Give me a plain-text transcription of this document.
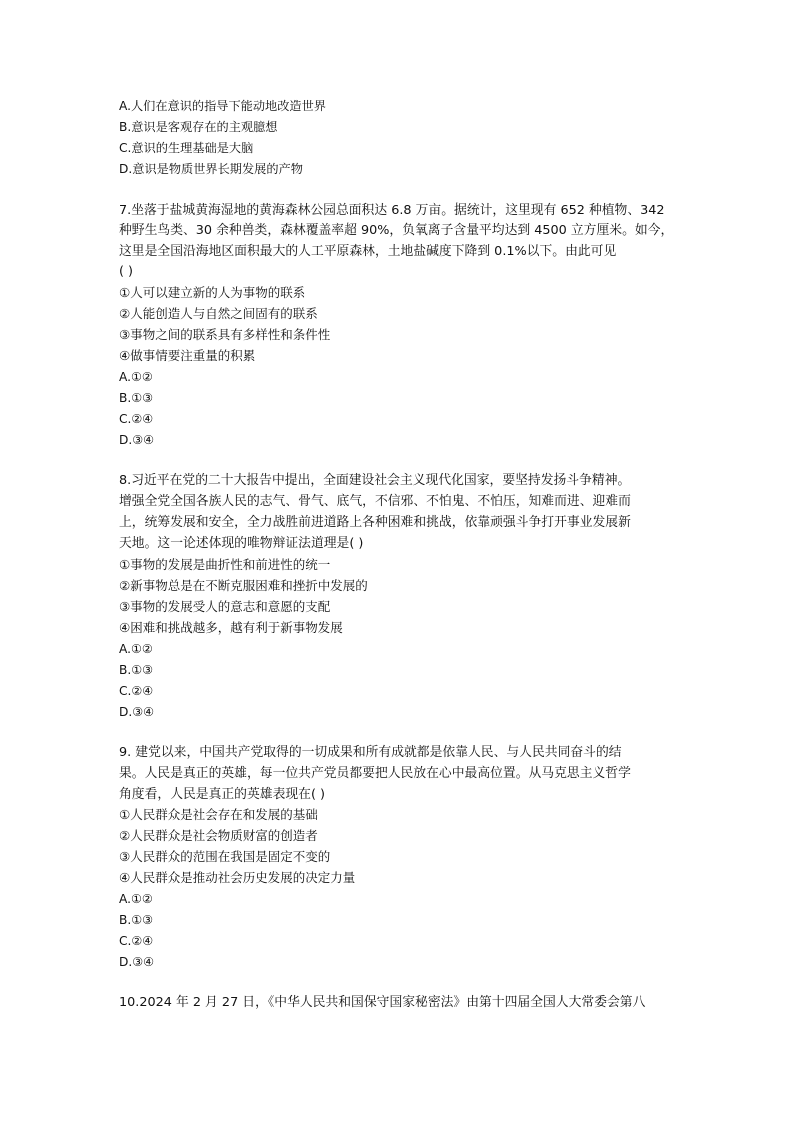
A.人们在意识的指导下能动地改造世界
B.意识是客观存在的主观臆想
C.意识的生理基础是大脑
D.意识是物质世界长期发展的产物
7.坐落于盐城黄海湿地的黄海森林公园总面积达 6.8 万亩。据统计，这里现有 652 种植物、342
种野生鸟类、30 余种兽类，森林覆盖率超 90%，负氧离子含量平均达到 4500 立方厘米。如今，
这里是全国沿海地区面积最大的人工平原森林，土地盐碱度下降到 0.1%以下。由此可见
( )
①人可以建立新的人为事物的联系
②人能创造人与自然之间固有的联系
③事物之间的联系具有多样性和条件性
④做事情要注重量的积累
A.①②
B.①③
C.②④
D.③④
8.习近平在党的二十大报告中提出，全面建设社会主义现代化国家，要坚持发扬斗争精神。
增强全党全国各族人民的志气、骨气、底气，不信邪、不怕鬼、不怕压，知难而进、迎难而
上，统筹发展和安全，全力战胜前进道路上各种困难和挑战，依靠顽强斗争打开事业发展新
天地。这一论述体现的唯物辩证法道理是( )
①事物的发展是曲折性和前进性的统一
②新事物总是在不断克服困难和挫折中发展的
③事物的发展受人的意志和意愿的支配
④困难和挑战越多，越有利于新事物发展
A.①②
B.①③
C.②④
D.③④
9. 建党以来，中国共产党取得的一切成果和所有成就都是依靠人民、与人民共同奋斗的结
果。人民是真正的英雄，每一位共产党员都要把人民放在心中最高位置。从马克思主义哲学
角度看，人民是真正的英雄表现在( )
①人民群众是社会存在和发展的基础
②人民群众是社会物质财富的创造者
③人民群众的范围在我国是固定不变的
④人民群众是推动社会历史发展的决定力量
A.①②
B.①③
C.②④
D.③④
10.2024 年 2 月 27 日，《中华人民共和国保守国家秘密法》由第十四届全国人大常委会第八
